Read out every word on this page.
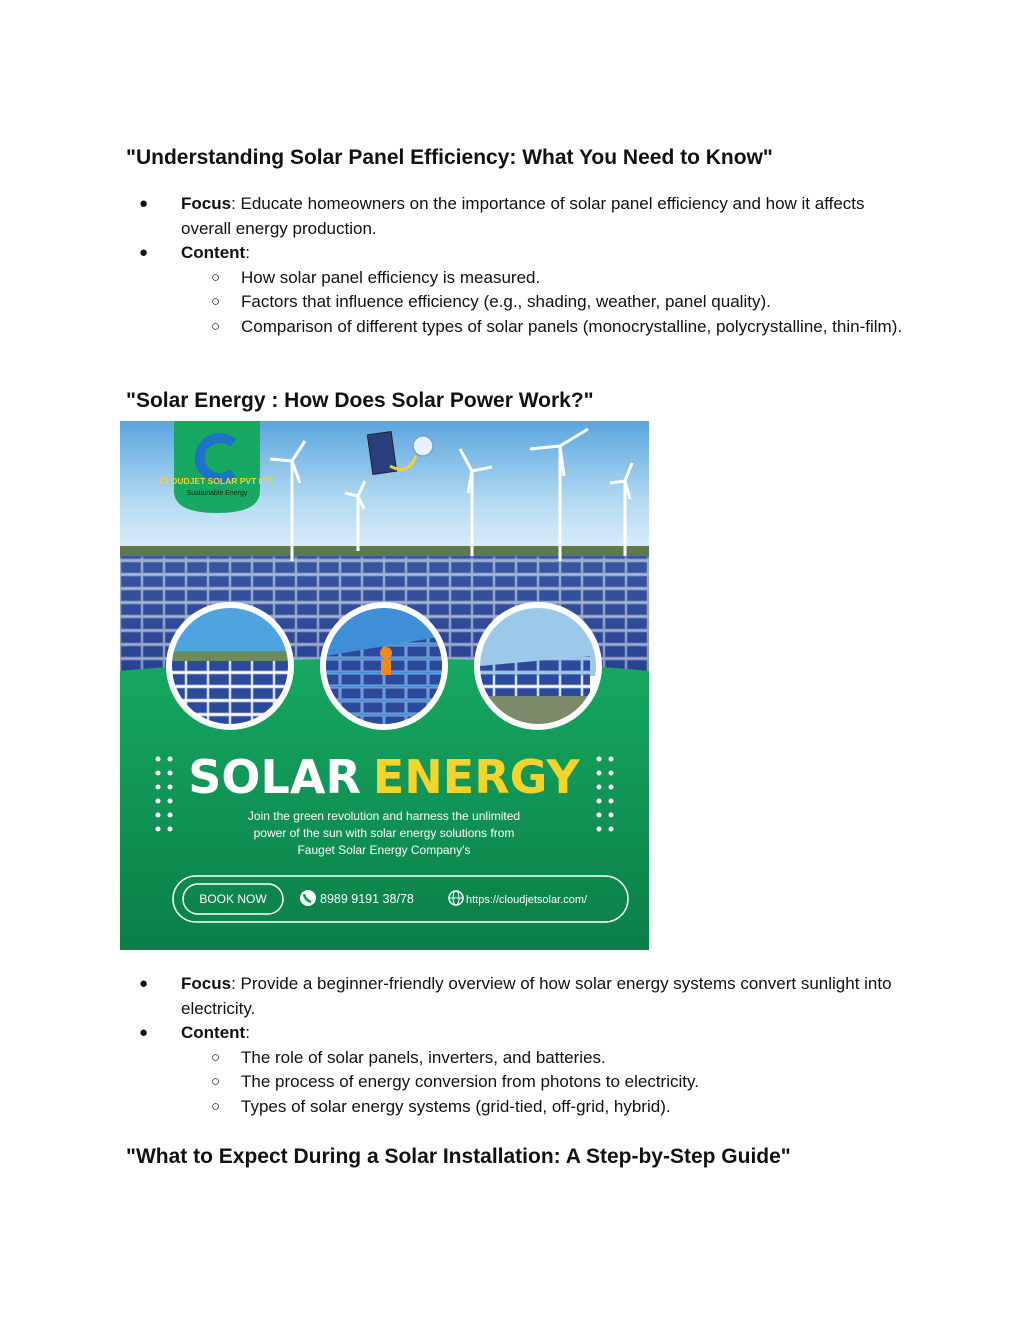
"Understanding Solar Panel Efficiency: What You Need to Know"
● Focus: Educate homeowners on the importance of solar panel efficiency and how it affects overall energy production.
● Content:
○ How solar panel efficiency is measured.
○ Factors that influence efficiency (e.g., shading, weather, panel quality).
○ Comparison of different types of solar panels (monocrystalline, polycrystalline, thin-film).
"Solar Energy : How Does Solar Power Work?"
CLOUDJET SOLAR PVT LTD
Sustainable Energy
SOLAR ENERGY
Join the green revolution and harness the unlimited
power of the sun with solar energy solutions from
Fauget Solar Energy Company's
BOOK NOW	8989 9191 38/78	https://cloudjetsolar.com/
● Focus: Provide a beginner-friendly overview of how solar energy systems convert sunlight into electricity.
● Content:
○ The role of solar panels, inverters, and batteries.
○ The process of energy conversion from photons to electricity.
○ Types of solar energy systems (grid-tied, off-grid, hybrid).
"What to Expect During a Solar Installation: A Step-by-Step Guide"
